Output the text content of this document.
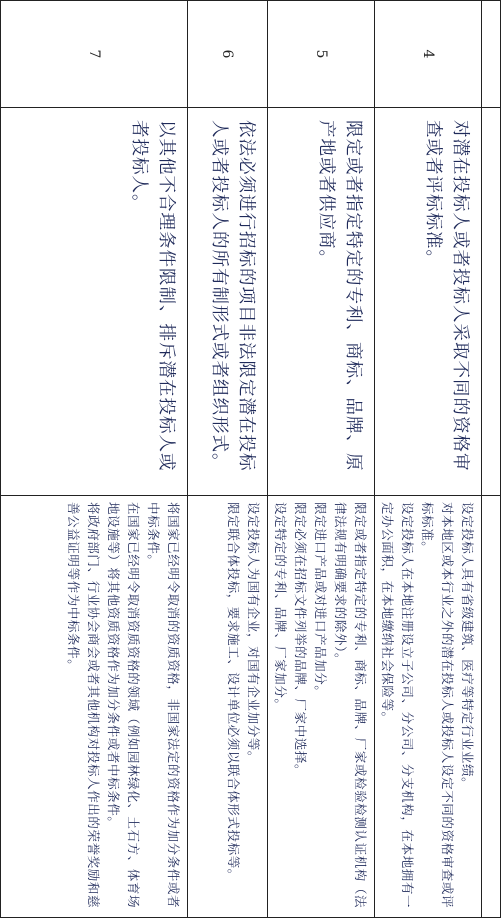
4	对潜在投标人或者投标人采取不同的资格审查或者评标标准。	设定投标人具有省级建筑、医疗等特定行业业绩。

对本地区或本行业之外的潜在投标人或投标人设定不同的资格审查或评标标准。

设定投标人在本地注册设立子公司、分公司、分支机构，在本地拥有一定办公面积，在本地缴纳社会保险等。

5	限定或者指定特定的专利、商标、品牌、原产地或者供应商。	限定或者指定特定的专利、商标、品牌、厂家或检验检测认证机构（法律法规有明确要求的除外）。

限定进口产品或对进口产品加分。

限定必须在招标文件列举的品牌、厂家中选择。

设定特定的专利、品牌、厂家加分。

6	依法必须进行招标的项目非法限定潜在投标人或者投标人的所有制形式或者组织形式。	设定投标人为国有企业，对国有企业加分等。

限定联合体投标，要求施工、设计单位必须以联合体形式投标等。

7	以其他不合理条件限制、排斥潜在投标人或者投标人。	将国家已经明令取消的资质资格，非国家法定的资格作为加分条件或者中标条件。

在国家已经明令取消资质资格的领域（例如园林绿化、土石方、体育场地设施等）将其他资质资格作为加分条件或者中标条件。

将政府部门、行业协会商会或者其他机构对投标人作出的荣誉奖励和慈善公益证明等作为中标条件。
